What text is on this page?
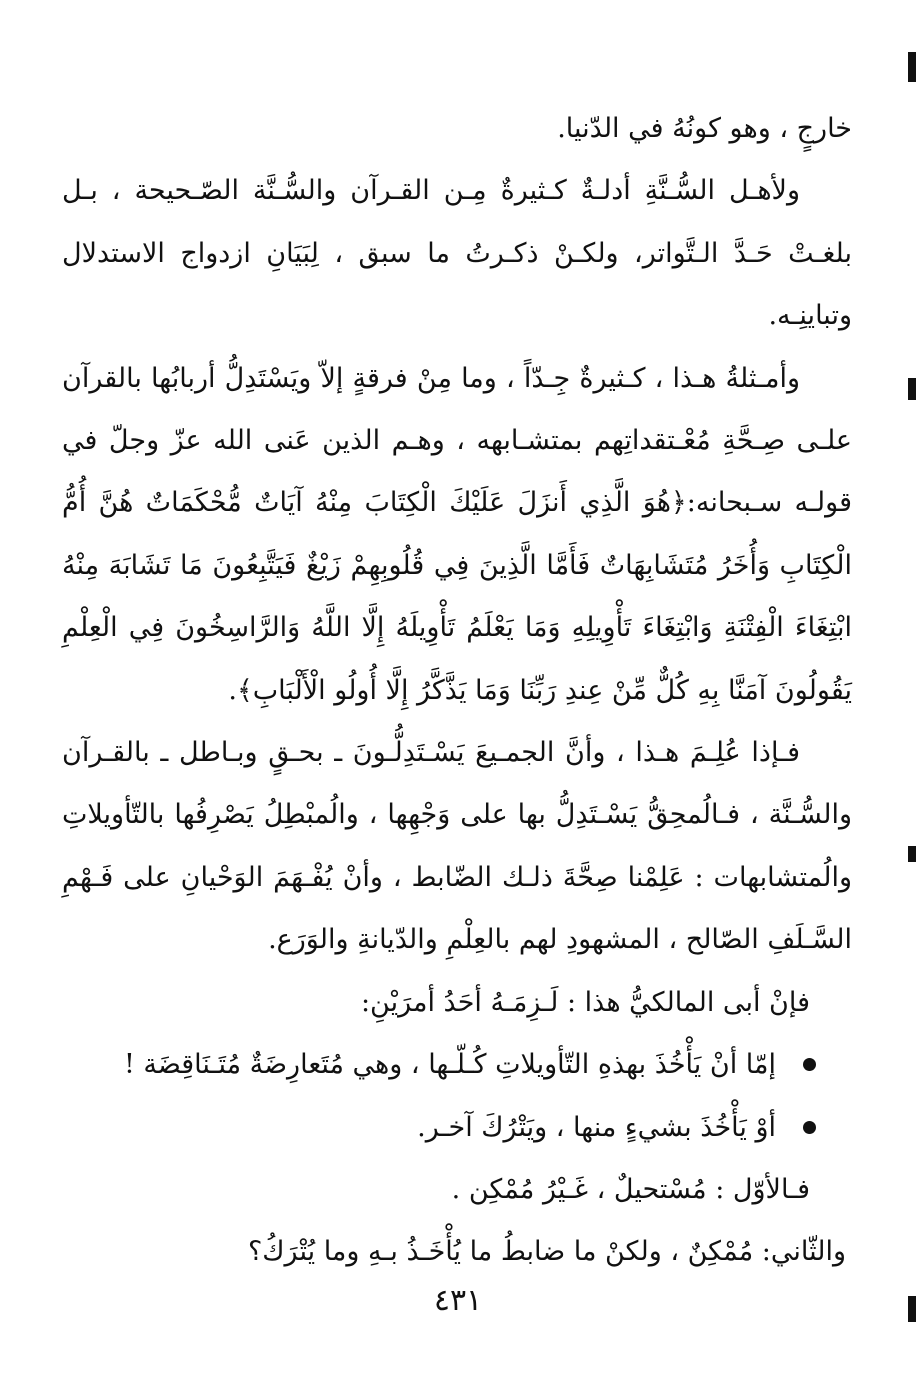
خارجٍ ، وهو كونُهُ في الدّنيا.

ولأهـل السُّـنَّةِ أدلـةٌ كـثيرةٌ مِـن القـرآن والسُّـنَّة الصّـحيحة ، بـل بلغـتْ حَـدَّ الـتَّواتر، ولكـنْ ذكـرتُ ما سبق ، لِبَيَانِ ازدواج الاستدلال وتباينِـه.

وأمـثلةُ هـذا ، كـثيرةٌ جِـدّاً ، وما مِنْ فرقةٍ إلاّ ويَسْتَدِلُّ أربابُها بالقرآن علـى صِـحَّةِ مُعْـتقداتِهم بمتشـابهه ، وهـم الذين عَنى الله عزّ وجلّ في قولـه سـبحانه:﴿هُوَ الَّذِي أَنزَلَ عَلَيْكَ الْكِتَابَ مِنْهُ آيَاتٌ مُّحْكَمَاتٌ هُنَّ أُمُّ الْكِتَابِ وَأُخَرُ مُتَشَابِهَاتٌ فَأَمَّا الَّذِينَ فِي قُلُوبِهِمْ زَيْغٌ فَيَتَّبِعُونَ مَا تَشَابَهَ مِنْهُ ابْتِغَاءَ الْفِتْنَةِ وَابْتِغَاءَ تَأْوِيلِهِ وَمَا يَعْلَمُ تَأْوِيلَهُ إِلَّا اللَّهُ وَالرَّاسِخُونَ فِي الْعِلْمِ يَقُولُونَ آمَنَّا بِهِ كُلٌّ مِّنْ عِندِ رَبِّنَا وَمَا يَذَّكَّرُ إِلَّا أُولُو الْأَلْبَابِ﴾.

فـإذا عُلِـمَ هـذا ، وأنَّ الجمـيعَ يَسْـتَدِلُّـونَ ـ بحـقٍ وبـاطل ـ بالقـرآن والسُّـنَّة ، فـالُمحِقُّ يَسْـتَدِلُّ بها على وَجْهِها ، والُمبْطِلُ يَصْرِفُها بالتّأويلاتِ والُمتشابهات : عَلِمْنا صِحَّةَ ذلـك الضّابط ، وأنْ يُفْـهَمَ الوَحْيانِ على فَـهْمِ السَّـلَفِ الصّالح ، المشهودِ لهم بالعِلْمِ والدّيانةِ والوَرَع.

فإنْ أبى المالكيُّ هذا : لَـزِمَـهُ أحَدُ أمرَيْنِ:

إمّا أنْ يَأْخُذَ بهذهِ التّأويلاتِ كُـلّـها ، وهي مُتَعارِضَةٌ مُتَـنَاقِضَة !
أوْ يَأْخُذَ بشيءٍ منها ، ويَتْرُكَ آخـر.

فـالأوّل : مُسْتحيلٌ ، غَـيْرُ مُمْكِن .

والثّاني: مُمْكِنٌ ، ولكنْ ما ضابطُ ما يُأْخَـذُ بـهِ وما يُتْرَكُ؟

٤٣١
